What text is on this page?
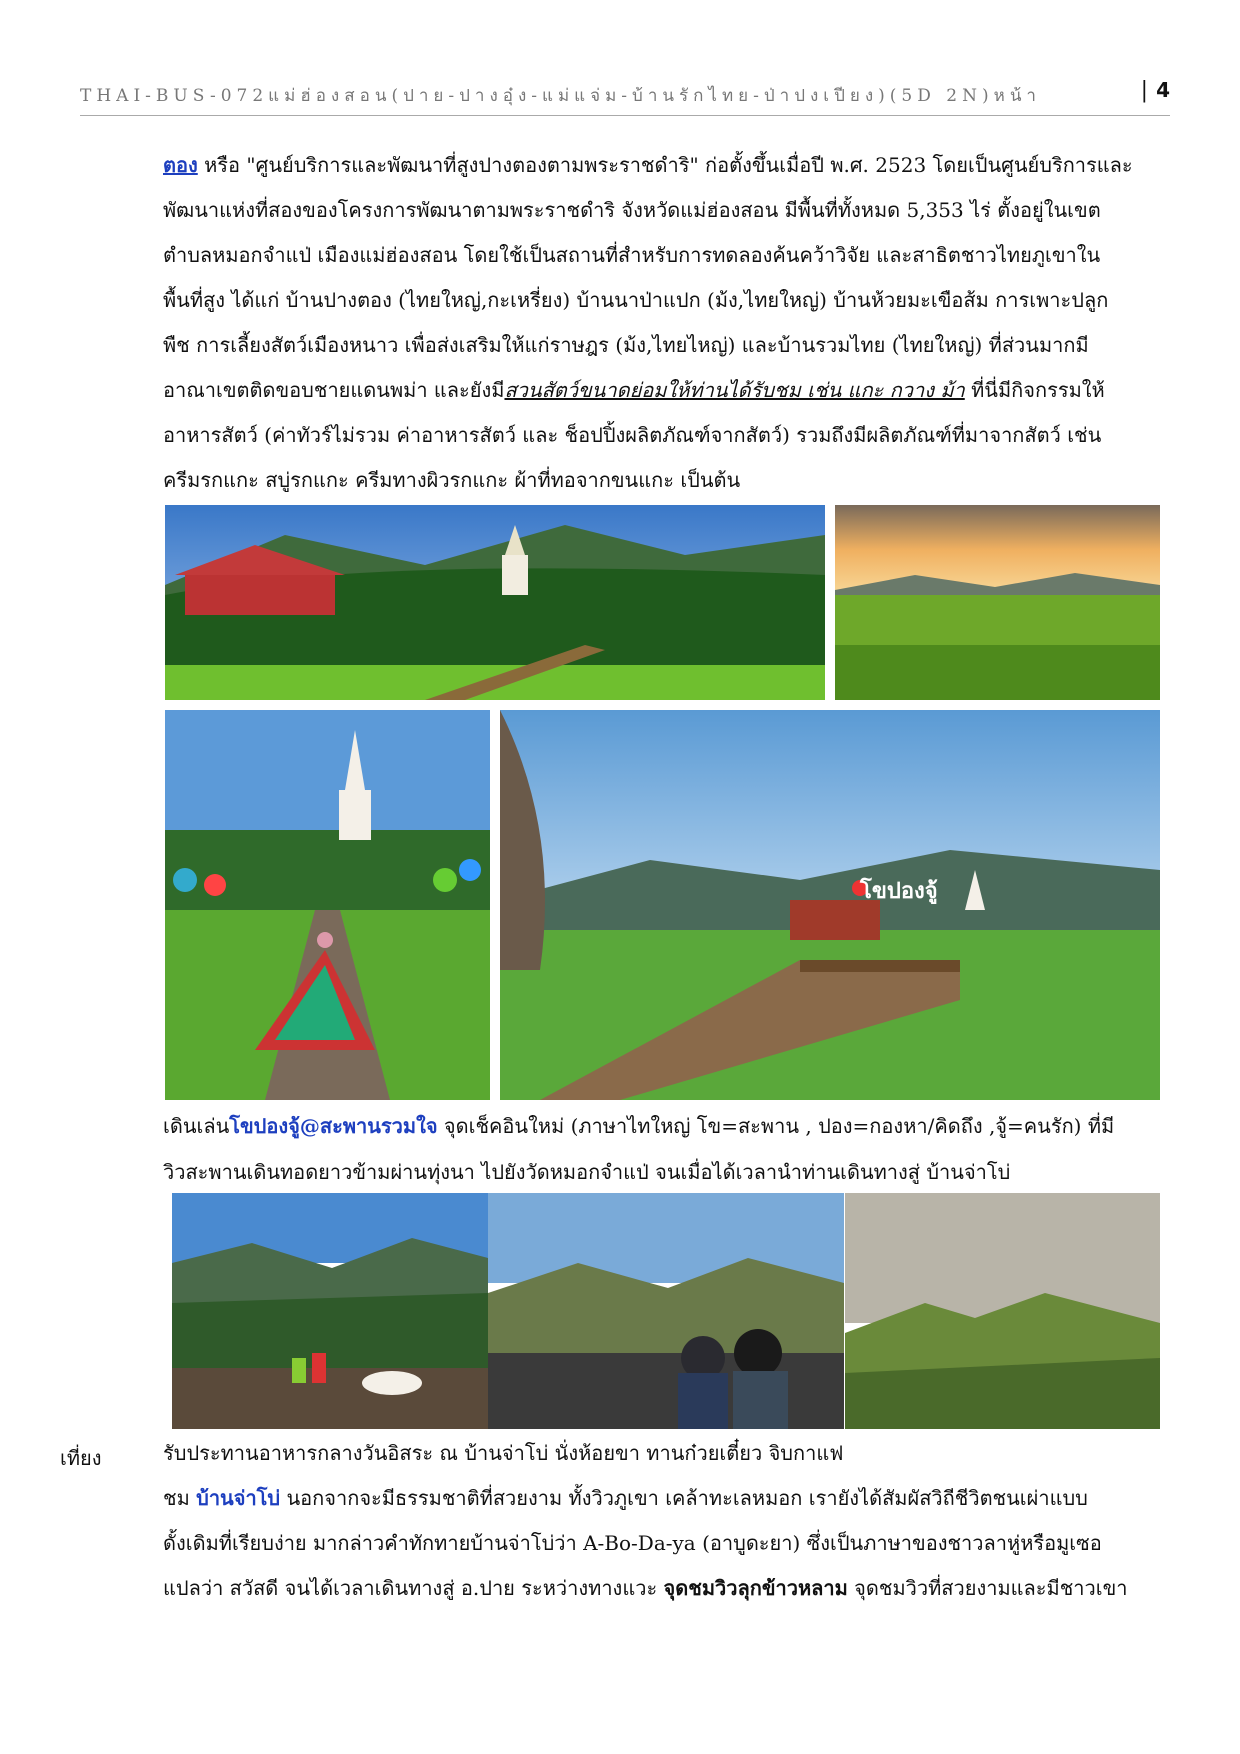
THAI-BUS-072แม่ฮ่องสอน(ปาย-ปางอุ๋ง-แม่แจ่ม-บ้านรักไทย-ป่าปงเปียง)(5D 2N)หน้า	| 4

ตอง หรือ "ศูนย์บริการและพัฒนาที่สูงปางตองตามพระราชดำริ" ก่อตั้งขึ้นเมื่อปี พ.ศ. 2523 โดยเป็นศูนย์บริการและ

พัฒนาแห่งที่สองของโครงการพัฒนาตามพระราชดำริ จังหวัดแม่ฮ่องสอน มีพื้นที่ทั้งหมด 5,353 ไร่ ตั้งอยู่ในเขต

ตำบลหมอกจำแป่ เมืองแม่ฮ่องสอน โดยใช้เป็นสถานที่สำหรับการทดลองค้นคว้าวิจัย และสาธิตชาวไทยภูเขาใน

พื้นที่สูง ได้แก่ บ้านปางตอง (ไทยใหญ่,กะเหรี่ยง) บ้านนาป่าแปก (ม้ง,ไทยใหญ่) บ้านห้วยมะเขือส้ม การเพาะปลูก

พืช การเลี้ยงสัตว์เมืองหนาว เพื่อส่งเสริมให้แก่ราษฎร (ม้ง,ไทยไหญ่) และบ้านรวมไทย (ไทยใหญ่) ที่ส่วนมากมี

อาณาเขตติดขอบชายแดนพม่า และยังมีสวนสัตว์ขนาดย่อมให้ท่านได้รับชม เช่น แกะ กวาง ม้า ที่นี่มีกิจกรรมให้

อาหารสัตว์ (ค่าทัวร์ไม่รวม ค่าอาหารสัตว์ และ ช็อปปิ้งผลิตภัณฑ์จากสัตว์) รวมถึงมีผลิตภัณฑ์ที่มาจากสัตว์ เช่น

ครีมรกแกะ สบู่รกแกะ ครีมทางผิวรกแกะ ผ้าที่ทอจากขนแกะ เป็นต้น

โขปองจู้

เดินเล่นโขปองจู้@สะพานรวมใจ จุดเช็คอินใหม่ (ภาษาไทใหญ่ โข=สะพาน , ปอง=กองหา/คิดถึง ,จู้=คนรัก) ที่มี

วิวสะพานเดินทอดยาวข้ามผ่านทุ่งนา ไปยังวัดหมอกจำแป่ จนเมื่อได้เวลานำท่านเดินทางสู่ บ้านจ่าโบ่

เที่ยง	รับประทานอาหารกลางวันอิสระ ณ บ้านจ่าโบ่ นั่งห้อยขา ทานก๋วยเตี๋ยว จิบกาแฟ

ชม บ้านจ่าโบ่ นอกจากจะมีธรรมชาติที่สวยงาม ทั้งวิวภูเขา เคล้าทะเลหมอก เรายังได้สัมผัสวิถีชีวิตชนเผ่าแบบ

ดั้งเดิมที่เรียบง่าย มากล่าวคำทักทายบ้านจ่าโบ่ว่า A-Bo-Da-ya (อาบูดะยา) ซึ่งเป็นภาษาของชาวลาหู่หรือมูเซอ

แปลว่า สวัสดี จนได้เวลาเดินทางสู่ อ.ปาย ระหว่างทางแวะ จุดชมวิวลุกข้าวหลาม จุดชมวิวที่สวยงามและมีชาวเขา
